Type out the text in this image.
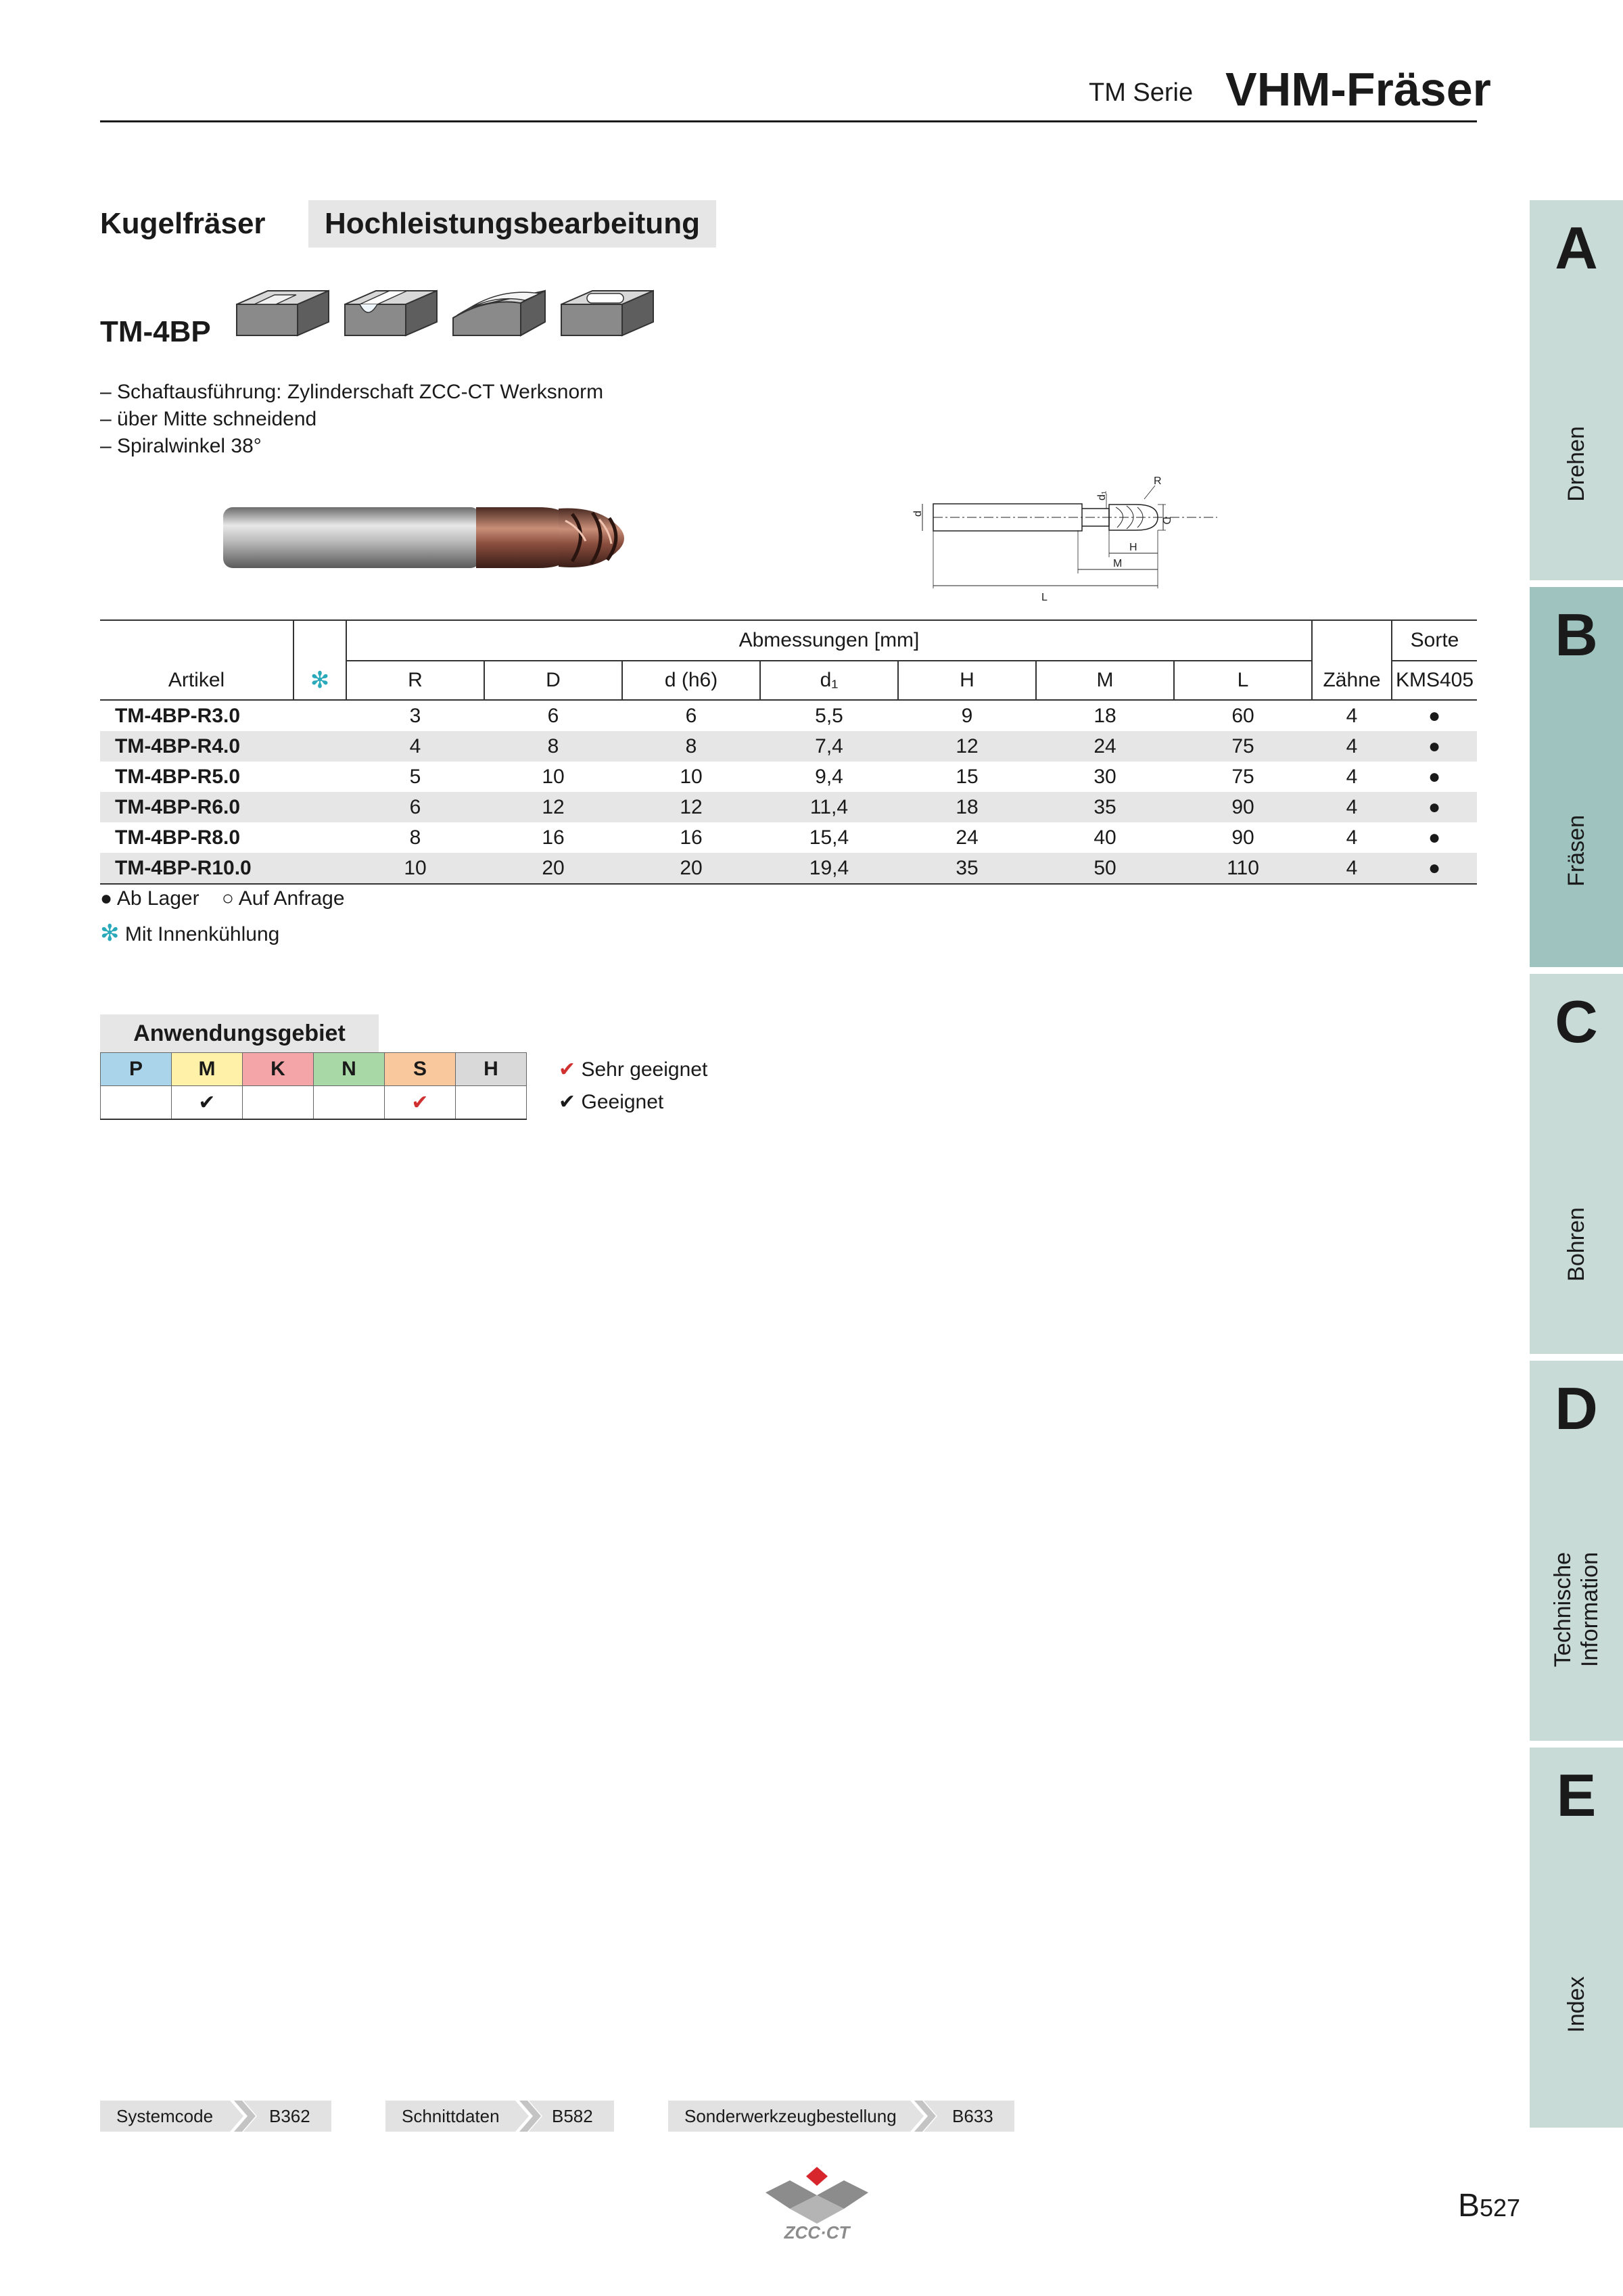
TM Serie VHM-Fräser
Kugelfräser	Hochleistungsbearbeitung
TM-4BP
– Schaftausführung: Zylinderschaft ZCC-CT Werksnorm
– über Mitte schneidend
– Spiralwinkel 38°
d
D
d₁
R
H
M
L
		Abmessungen [mm]								Sorte
Artikel	✻	R	D	d (h6)	d₁	H	M	L	Zähne	KMS405
TM-4BP-R3.0		3	6	6	5,5	9	18	60	4	●
TM-4BP-R4.0		4	8	8	7,4	12	24	75	4	●
TM-4BP-R5.0		5	10	10	9,4	15	30	75	4	●
TM-4BP-R6.0		6	12	12	11,4	18	35	90	4	●
TM-4BP-R8.0		8	16	16	15,4	24	40	90	4	●
TM-4BP-R10.0		10	20	20	19,4	35	50	110	4	●
● Ab Lager ○ Auf Anfrage
✻ Mit Innenkühlung
Anwendungsgebiet
P	M	K	N	S	H
	✔			✔	
✔ Sehr geeignet
✔ Geeignet
A
Drehen
B
Fräsen
C
Bohren
D
Technische Information
E
Index
Systemcode	B362	Schnittdaten	B582	Sonderwerkzeugbestellung	B633
ZCC·CT
B527
